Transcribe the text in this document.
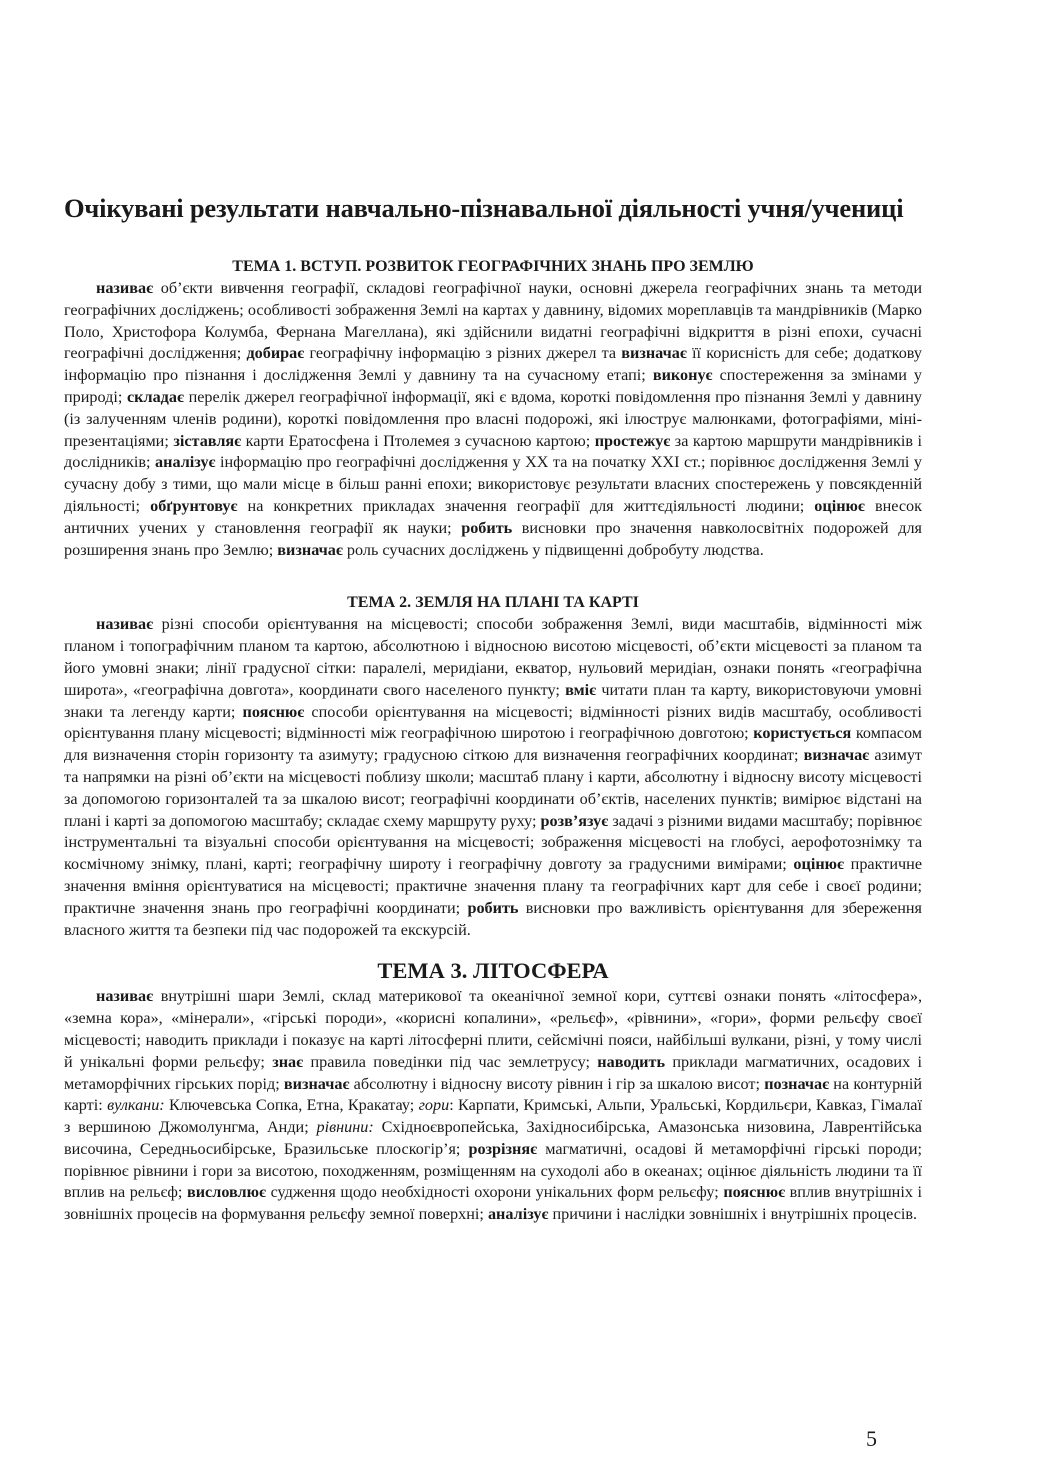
Очікувані результати навчально-пізнавальної діяльності учня/учениці
ТЕМА 1. ВСТУП. РОЗВИТОК ГЕОГРАФІЧНИХ ЗНАНЬ ПРО ЗЕМЛЮ

називає об’єкти вивчення географії, складові географічної науки, основні джерела географічних знань та методи географічних досліджень; особливості зображення Землі на картах у давнину, відомих мореплавців та мандрівників (Марко Поло, Христофора Колумба, Фернана Магеллана), які здійснили видатні географічні відкриття в різні епохи, сучасні географічні дослідження; добирає географічну інформацію з різних джерел та визначає її корисність для себе; додаткову інформацію про пізнання і дослідження Землі у давнину та на сучасному етапі; виконує спостереження за змінами у природі; складає перелік джерел географічної інформації, які є вдома, короткі повідомлення про пізнання Землі у давнину (із залученням членів родини), короткі повідомлення про власні подорожі, які ілюструє малюнками, фотографіями, мініпрезентаціями; зіставляє карти Ератосфена і Птолемея з сучасною картою; простежує за картою маршрути мандрівників і дослідників; аналізує інформацію про географічні дослідження у XX та на початку XXI ст.; порівнює дослідження Землі у сучасну добу з тими, що мали місце в більш ранні епохи; використовує результати власних спостережень у повсякденній діяльності; обґрунтовує на конкретних прикладах значення географії для життєдіяльності людини; оцінює внесок античних учених у становлення географії як науки; робить висновки про значення навколосвітніх подорожей для розширення знань про Землю; визначає роль сучасних досліджень у підвищенні добробуту людства.

ТЕМА 2. ЗЕМЛЯ НА ПЛАНІ ТА КАРТІ

називає різні способи орієнтування на місцевості; способи зображення Землі, види масштабів, відмінності між планом і топографічним планом та картою, абсолютною і відносною висотою місцевості, об’єкти місцевості за планом та його умовні знаки; лінії градусної сітки: паралелі, меридіани, екватор, нульовий меридіан, ознаки понять «географічна широта», «географічна довгота», координати свого населеного пункту; вміє читати план та карту, використовуючи умовні знаки та легенду карти; пояснює способи орієнтування на місцевості; відмінності різних видів масштабу, особливості орієнтування плану місцевості; відмінності між географічною широтою і географічною довготою; користується компасом для визначення сторін горизонту та азимуту; градусною сіткою для визначення географічних координат; визначає азимут та напрямки на різні об’єкти на місцевості поблизу школи; масштаб плану і карти, абсолютну і відносну висоту місцевості за допомогою горизонталей та за шкалою висот; географічні координати об’єктів, населених пунктів; вимірює відстані на плані і карті за допомогою масштабу; складає схему маршруту руху; розв’язує задачі з різними видами масштабу; порівнює інструментальні та візуальні способи орієнтування на місцевості; зображення місцевості на глобусі, аерофотознімку та космічному знімку, плані, карті; географічну широту і географічну довготу за градусними вимірами; оцінює практичне значення вміння орієнтуватися на місцевості; практичне значення плану та географічних карт для себе і своєї родини; практичне значення знань про географічні координати; робить висновки про важливість орієнтування для збереження власного життя та безпеки під час подорожей та екскурсій.

ТЕМА 3. ЛІТОСФЕРА

називає внутрішні шари Землі, склад материкової та океанічної земної кори, суттєві ознаки понять «літосфера», «земна кора», «мінерали», «гірські породи», «корисні копалини», «рельєф», «рівнини», «гори», форми рельєфу своєї місцевості; наводить приклади і показує на карті літосферні плити, сейсмічні пояси, найбільші вулкани, різні, у тому числі й унікальні форми рельєфу; знає правила поведінки під час землетрусу; наводить приклади магматичних, осадових і метаморфічних гірських порід; визначає абсолютну і відносну висоту рівнин і гір за шкалою висот; позначає на контурній карті: вулкани: Ключевська Сопка, Етна, Кракатау; гори: Карпати, Кримські, Альпи, Уральські, Кордильєри, Кавказ, Гімалаї з вершиною Джомолунгма, Анди; рівнини: Східноєвропейська, Західносибірська, Амазонська низовина, Лаврентійська височина, Середньосибірське, Бразильське плоскогір’я; розрізняє магматичні, осадові й метаморфічні гірські породи; порівнює рівнини і гори за висотою, походженням, розміщенням на суходолі або в океанах; оцінює діяльність людини та її вплив на рельєф; висловлює судження щодо необхідності охорони унікальних форм рельєфу; пояснює вплив внутрішніх і зовнішніх процесів на формування рельєфу земної поверхні; аналізує причини і наслідки зовнішніх і внутрішніх процесів.

5
